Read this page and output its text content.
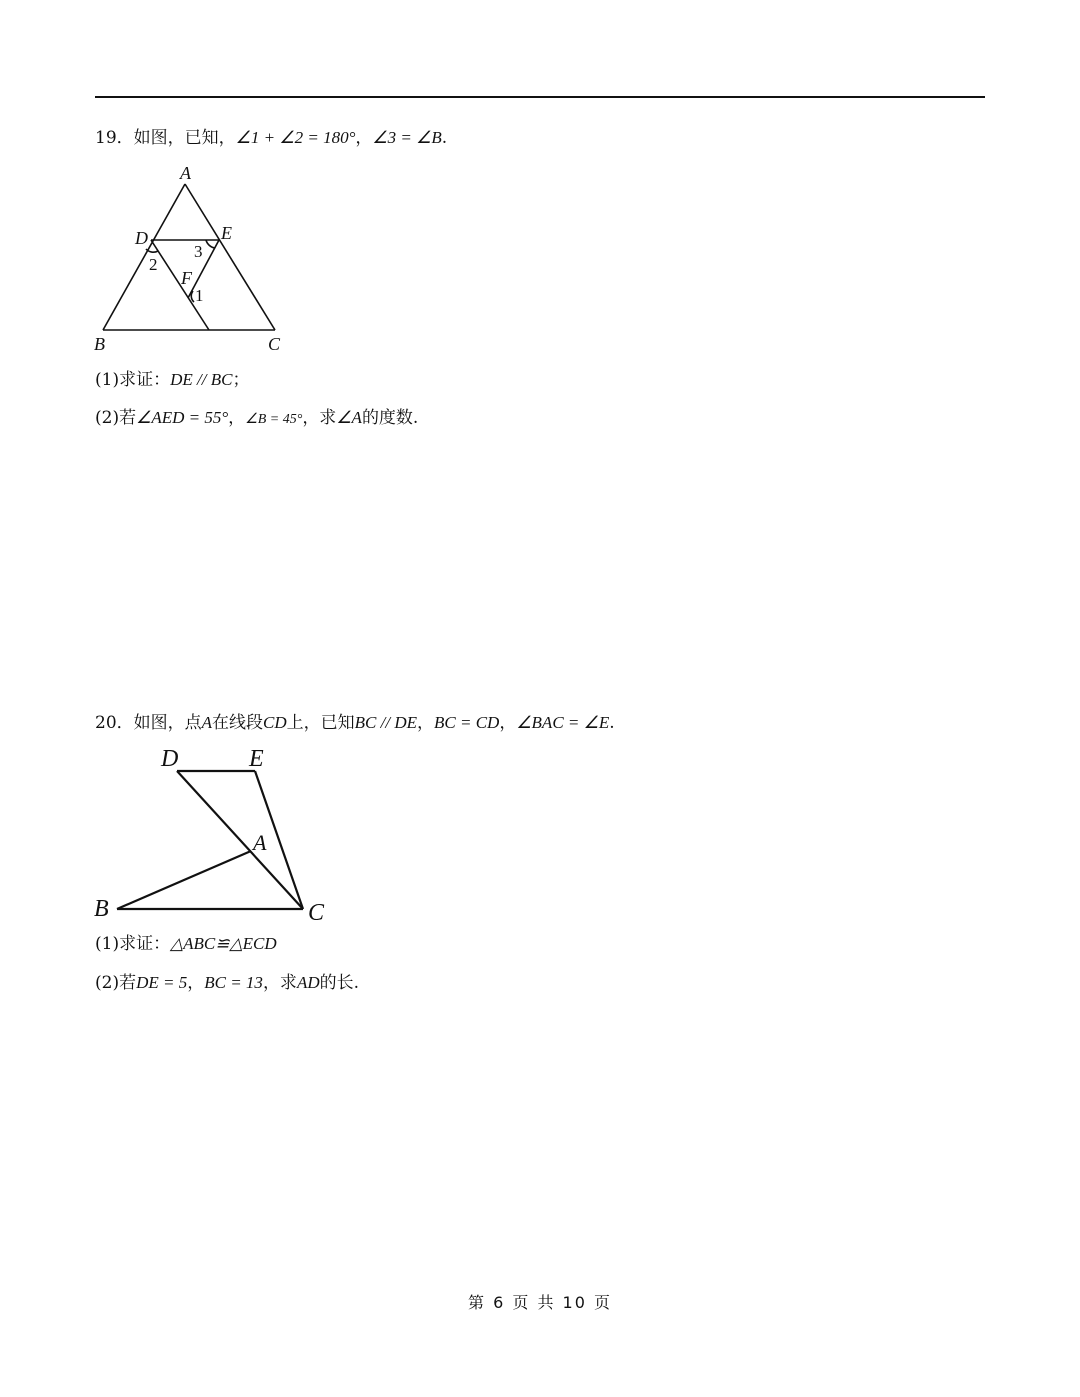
19．如图，已知，∠1 + ∠2 = 180°，∠3 = ∠B.
A
B	C
D	E
F
1
2
3
(1)求证：DE // BC；
(2)若∠AED = 55°，∠B = 45°，求∠A的度数.
20．如图，点A在线段CD上，已知BC // DE，BC = CD，∠BAC = ∠E.
D	E
A
B	C
(1)求证：△ABC≌△ECD
(2)若DE = 5，BC = 13，求AD的长.
第 6 页 共 10 页
